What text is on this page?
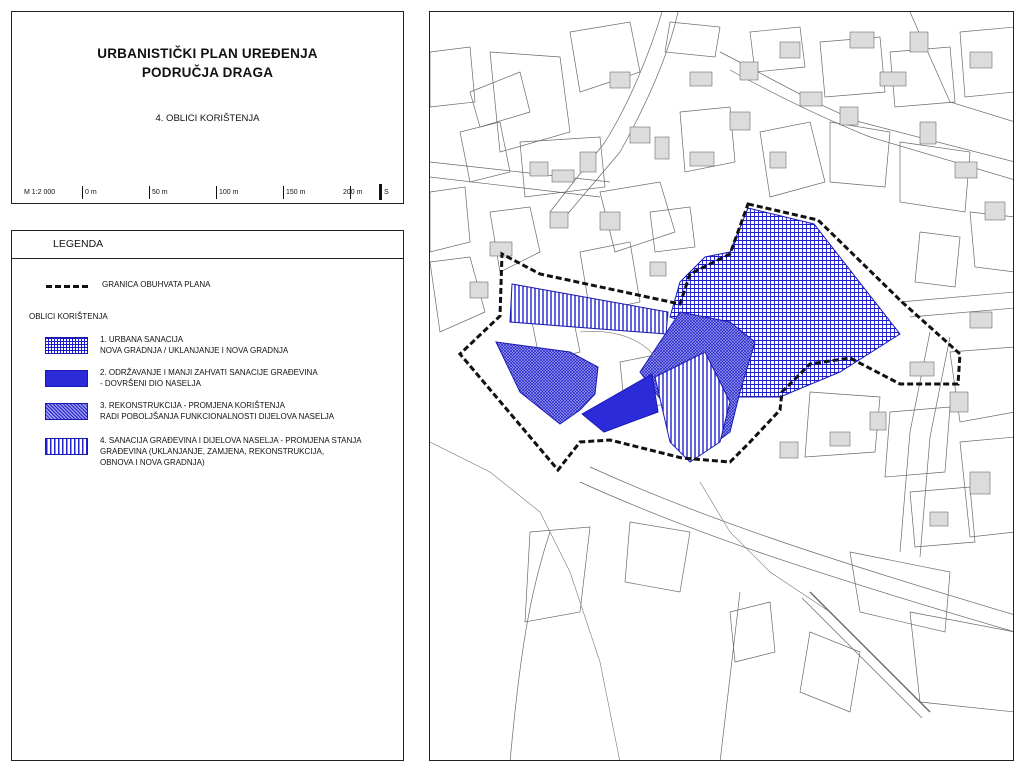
URBANISTIČKI PLAN UREĐENJA
PODRUČJA DRAGA
4. OBLICI KORIŠTENJA
M 1:2 000	0 m	50 m	100 m	150 m	200 m	S
LEGENDA
GRANICA OBUHVATA PLANA
OBLICI KORIŠTENJA
1. URBANA SANACIJA
NOVA GRADNJA / UKLANJANJE I NOVA GRADNJA
2. ODRŽAVANJE I MANJI ZAHVATI SANACIJE GRAĐEVINA
- DOVRŠENI DIO NASELJA
3. REKONSTRUKCIJA - PROMJENA KORIŠTENJA
RADI POBOLJŠANJA FUNKCIONALNOSTI DIJELOVA NASELJA
4. SANACIJA GRAĐEVINA I DIJELOVA NASELJA - PROMJENA STANJA
GRAĐEVINA (UKLANJANJE, ZAMJENA, REKONSTRUKCIJA,
OBNOVA I NOVA GRADNJA)
